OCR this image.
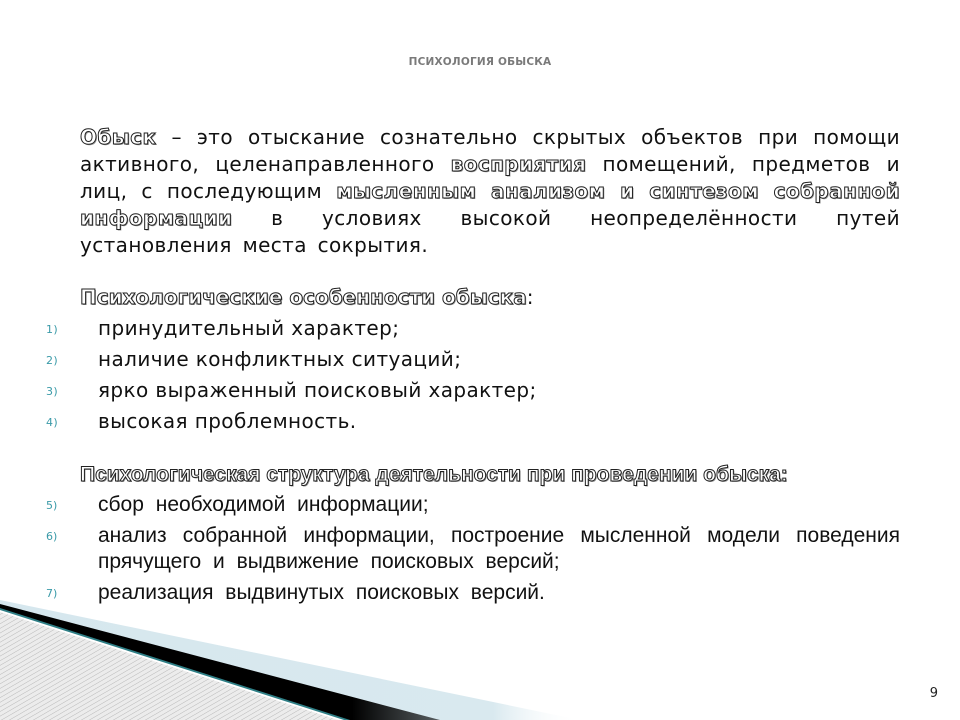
ПСИХОЛОГИЯ ОБЫСКА

Обыск – это отыскание сознательно скрытых объектов при помощи активного, целенаправленного восприятия помещений, предметов и лиц, с последующим мысленным анализом и синтезом собранной информации в условиях высокой неопределённости путей установления места сокрытия.

Психологические особенности обыска:

1) принудительный характер;
2) наличие конфликтных ситуаций;
3) ярко выраженный поисковый характер;
4) высокая проблемность.

Психологическая структура деятельности при проведении обыска:

5) сбор необходимой информации;
6) анализ собранной информации, построение мысленной модели поведения прячущего и выдвижение поисковых версий;
7) реализация выдвинутых поисковых версий.
9
